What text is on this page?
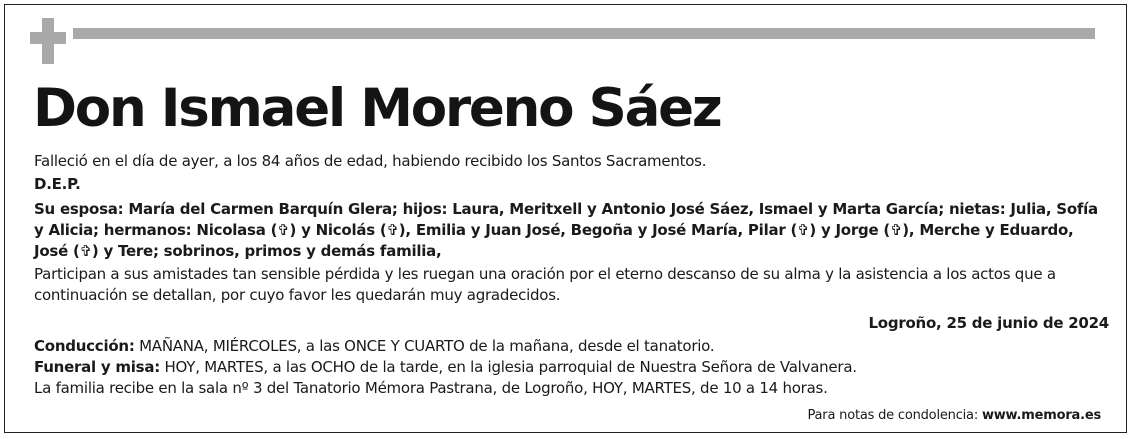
Don Ismael Moreno Sáez

Falleció en el día de ayer, a los 84 años de edad, habiendo recibido los Santos Sacramentos.

D.E.P.

Su esposa: María del Carmen Barquín Glera; hijos: Laura, Meritxell y Antonio José Sáez, Ismael y Marta García; nietas: Julia, Sofía y Alicia; hermanos: Nicolasa (✞) y Nicolás (✞), Emilia y Juan José, Begoña y José María, Pilar (✞) y Jorge (✞), Merche y Eduardo, José (✞) y Tere; sobrinos, primos y demás familia,

Participan a sus amistades tan sensible pérdida y les ruegan una oración por el eterno descanso de su alma y la asistencia a los actos que a continuación se detallan, por cuyo favor les quedarán muy agradecidos.

Logroño, 25 de junio de 2024

Conducción: MAÑANA, MIÉRCOLES, a las ONCE Y CUARTO de la mañana, desde el tanatorio.

Funeral y misa: HOY, MARTES, a las OCHO de la tarde, en la iglesia parroquial de Nuestra Señora de Valvanera.

La familia recibe en la sala nº 3 del Tanatorio Mémora Pastrana, de Logroño, HOY, MARTES, de 10 a 14 horas.

Para notas de condolencia: www.memora.es
